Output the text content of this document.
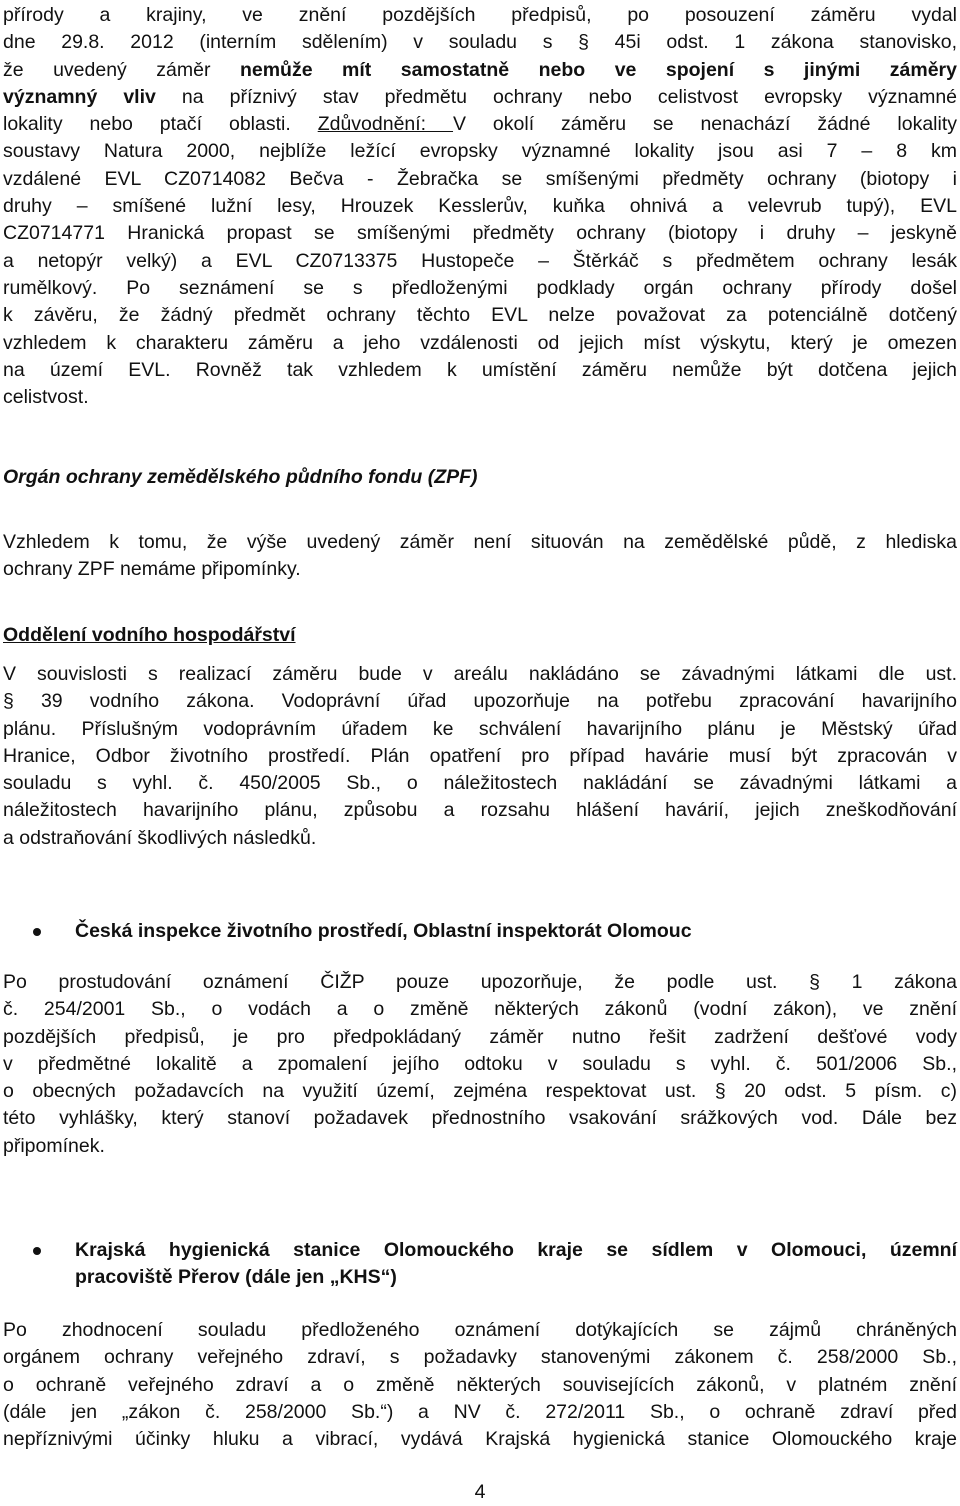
přírody a krajiny, ve znění pozdějších předpisů, po posouzení záměru vydal
dne 29.8. 2012 (interním sdělením) v souladu s § 45i odst. 1 zákona stanovisko,
že uvedený záměr nemůže mít samostatně nebo ve spojení s jinými záměry
významný vliv na příznivý stav předmětu ochrany nebo celistvost evropsky významné
lokality nebo ptačí oblasti. Zdůvodnění: V okolí záměru se nenachází žádné lokality
soustavy Natura 2000, nejblíže ležící evropsky významné lokality jsou asi 7 – 8 km
vzdálené EVL CZ0714082 Bečva - Žebračka se smíšenými předměty ochrany (biotopy i
druhy – smíšené lužní lesy, Hrouzek Kesslerův, kuňka ohnivá a velevrub tupý), EVL
CZ0714771 Hranická propast se smíšenými předměty ochrany (biotopy i druhy – jeskyně
a netopýr velký) a EVL CZ0713375 Hustopeče – Štěrkáč s předmětem ochrany lesák
rumělkový. Po seznámení se s předloženými podklady orgán ochrany přírody došel
k závěru, že žádný předmět ochrany těchto EVL nelze považovat za potenciálně dotčený
vzhledem k charakteru záměru a jeho vzdálenosti od jejich míst výskytu, který je omezen
na území EVL. Rovněž tak vzhledem k umístění záměru nemůže být dotčena jejich
celistvost.
Orgán ochrany zemědělského půdního fondu (ZPF)
Vzhledem k tomu, že výše uvedený záměr není situován na zemědělské půdě, z hlediska
ochrany ZPF nemáme připomínky.
Oddělení vodního hospodářství
V souvislosti s realizací záměru bude v areálu nakládáno se závadnými látkami dle ust.
§ 39 vodního zákona. Vodoprávní úřad upozorňuje na potřebu zpracování havarijního
plánu. Příslušným vodoprávním úřadem ke schválení havarijního plánu je Městský úřad
Hranice, Odbor životního prostředí. Plán opatření pro případ havárie musí být zpracován v
souladu s vyhl. č. 450/2005 Sb., o náležitostech nakládání se závadnými látkami a
náležitostech havarijního plánu, způsobu a rozsahu hlášení havárií, jejich zneškodňování
a odstraňování škodlivých následků.
Česká inspekce životního prostředí, Oblastní inspektorát Olomouc
Po prostudování oznámení ČIŽP pouze upozorňuje, že podle ust. § 1 zákona
č. 254/2001 Sb., o vodách a o změně některých zákonů (vodní zákon), ve znění
pozdějších předpisů, je pro předpokládaný záměr nutno řešit zadržení dešťové vody
v předmětné lokalitě a zpomalení jejího odtoku v souladu s vyhl. č. 501/2006 Sb.,
o obecných požadavcích na využití území, zejména respektovat ust. § 20 odst. 5 písm. c)
této vyhlášky, který stanoví požadavek přednostního vsakování srážkových vod. Dále bez
připomínek.
Krajská hygienická stanice Olomouckého kraje se sídlem v Olomouci, územní
pracoviště Přerov (dále jen „KHS“)
Po zhodnocení souladu předloženého oznámení dotýkajících se zájmů chráněných
orgánem ochrany veřejného zdraví, s požadavky stanovenými zákonem č. 258/2000 Sb.,
o ochraně veřejného zdraví a o změně některých souvisejících zákonů, v platném znění
(dále jen „zákon č. 258/2000 Sb.“) a NV č. 272/2011 Sb., o ochraně zdraví před
nepříznivými účinky hluku a vibrací, vydává Krajská hygienická stanice Olomouckého kraje
4
